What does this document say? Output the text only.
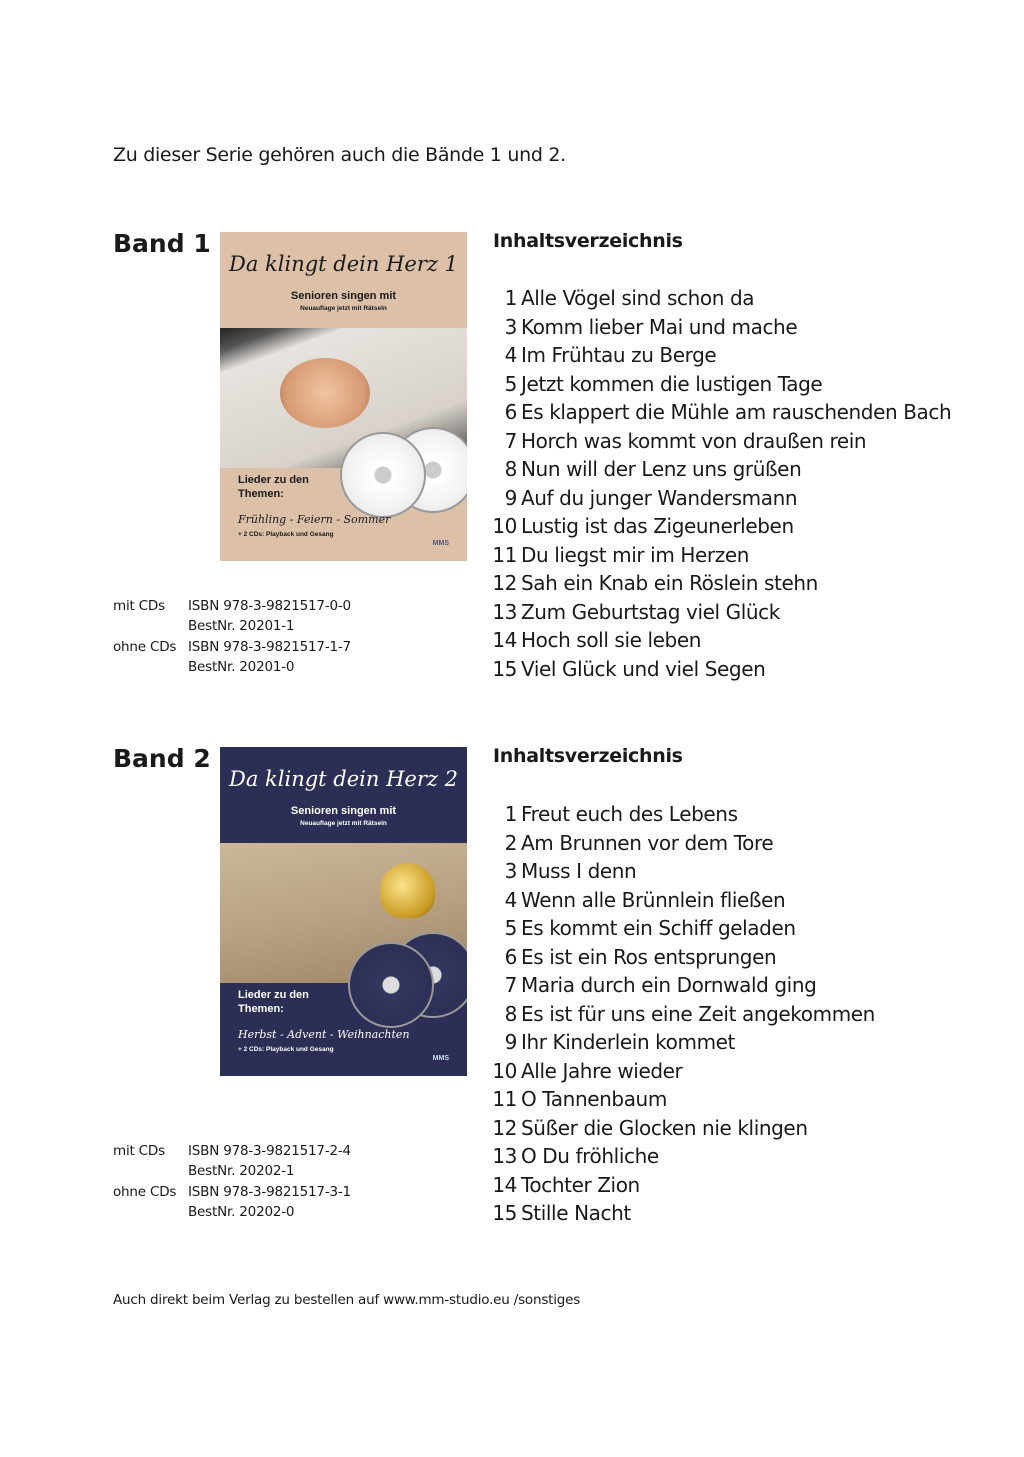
Zu dieser Serie gehören auch die Bände 1 und 2.
Band 1
Da klingt dein Herz 1
Senioren singen mit
Neuauflage jetzt mit Rätseln
Lieder zu den Themen:
Frühling - Feiern - Sommer
+ 2 CDs: Playback und Gesang
MMS
Inhaltsverzeichnis
1 Alle Vögel sind schon da
3 Komm lieber Mai und mache
4 Im Frühtau zu Berge
5 Jetzt kommen die lustigen Tage
6 Es klappert die Mühle am rauschenden Bach
7 Horch was kommt von draußen rein
8 Nun will der Lenz uns grüßen
9 Auf du junger Wandersmann
10 Lustig ist das Zigeunerleben
11 Du liegst mir im Herzen
12 Sah ein Knab ein Röslein stehn
13 Zum Geburtstag viel Glück
14 Hoch soll sie leben
15 Viel Glück und viel Segen
mit CDs ISBN 978-3-9821517-0-0
BestNr. 20201-1
ohne CDs ISBN 978-3-9821517-1-7
BestNr. 20201-0
Band 2
Da klingt dein Herz 2
Senioren singen mit
Neuauflage jetzt mit Rätseln
Lieder zu den Themen:
Herbst - Advent - Weihnachten
+ 2 CDs: Playback und Gesang
MMS
Inhaltsverzeichnis
1 Freut euch des Lebens
2 Am Brunnen vor dem Tore
3 Muss I denn
4 Wenn alle Brünnlein fließen
5 Es kommt ein Schiff geladen
6 Es ist ein Ros entsprungen
7 Maria durch ein Dornwald ging
8 Es ist für uns eine Zeit angekommen
9 Ihr Kinderlein kommet
10 Alle Jahre wieder
11 O Tannenbaum
12 Süßer die Glocken nie klingen
13 O Du fröhliche
14 Tochter Zion
15 Stille Nacht
mit CDs ISBN 978-3-9821517-2-4
BestNr. 20202-1
ohne CDs ISBN 978-3-9821517-3-1
BestNr. 20202-0
Auch direkt beim Verlag zu bestellen auf www.mm-studio.eu /sonstiges
